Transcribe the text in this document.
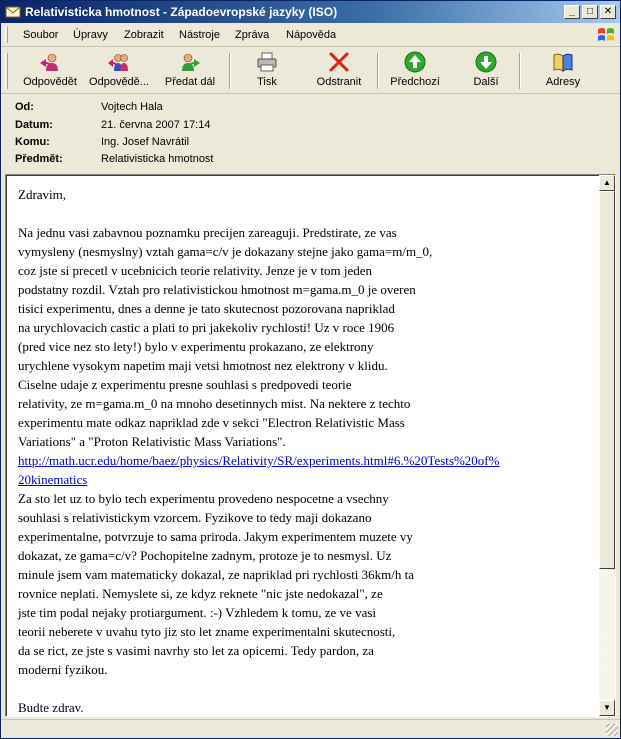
Relativisticka hmotnost - Západoevropské jazyky (ISO)	_	□	✕
Soubor Úpravy Zobrazit Nástroje Zpráva Nápověda
Odpovědět	Odpovědě...	Předat dál	Tisk	Odstranit	Předchozí	Další	Adresy
Od:	Vojtech Hala
Datum:	21. června 2007 17:14
Komu:	Ing. Josef Navrátil
Předmět:	Relativisticka hmotnost

Zdravim,

Na jednu vasi zabavnou poznamku precijen zareaguji. Predstirate, ze vas

vymysleny (nesmyslny) vztah gama=c/v je dokazany stejne jako gama=m/m_0,

coz jste si precetl v ucebnicich teorie relativity. Jenze je v tom jeden

podstatny rozdil. Vztah pro relativistickou hmotnost m=gama.m_0 je overen

tisici experimentu, dnes a denne je tato skutecnost pozorovana napriklad

na urychlovacich castic a plati to pri jakekoliv rychlosti! Uz v roce 1906

(pred vice nez sto lety!) bylo v experimentu prokazano, ze elektrony

urychlene vysokym napetim maji vetsi hmotnost nez elektrony v klidu.

Ciselne udaje z experimentu presne souhlasi s predpovedi teorie

relativity, ze m=gama.m_0 na mnoho desetinnych mist. Na nektere z techto

experimentu mate odkaz napriklad zde v sekci "Electron Relativistic Mass

Variations" a "Proton Relativistic Mass Variations".

http://math.ucr.edu/home/baez/physics/Relativity/SR/experiments.html#6.%20Tests%20of%

20kinematics

Za sto let uz to bylo tech experimentu provedeno nespocetne a vsechny

souhlasi s relativistickym vzorcem. Fyzikove to tedy maji dokazano

experimentalne, potvrzuje to sama priroda. Jakym experimentem muzete vy

dokazat, ze gama=c/v? Pochopitelne zadnym, protoze je to nesmysl. Uz

minule jsem vam matematicky dokazal, ze napriklad pri rychlosti 36km/h ta

rovnice neplati. Nemyslete si, ze kdyz reknete "nic jste nedokazal", ze

jste tim podal nejaky protiargument. :-) Vzhledem k tomu, ze ve vasi

teorii neberete v uvahu tyto jiz sto let zname experimentalni skutecnosti,

da se rict, ze jste s vasimi navrhy sto let za opicemi. Tedy pardon, za

moderni fyzikou.

Budte zdrav.

▲
▼
